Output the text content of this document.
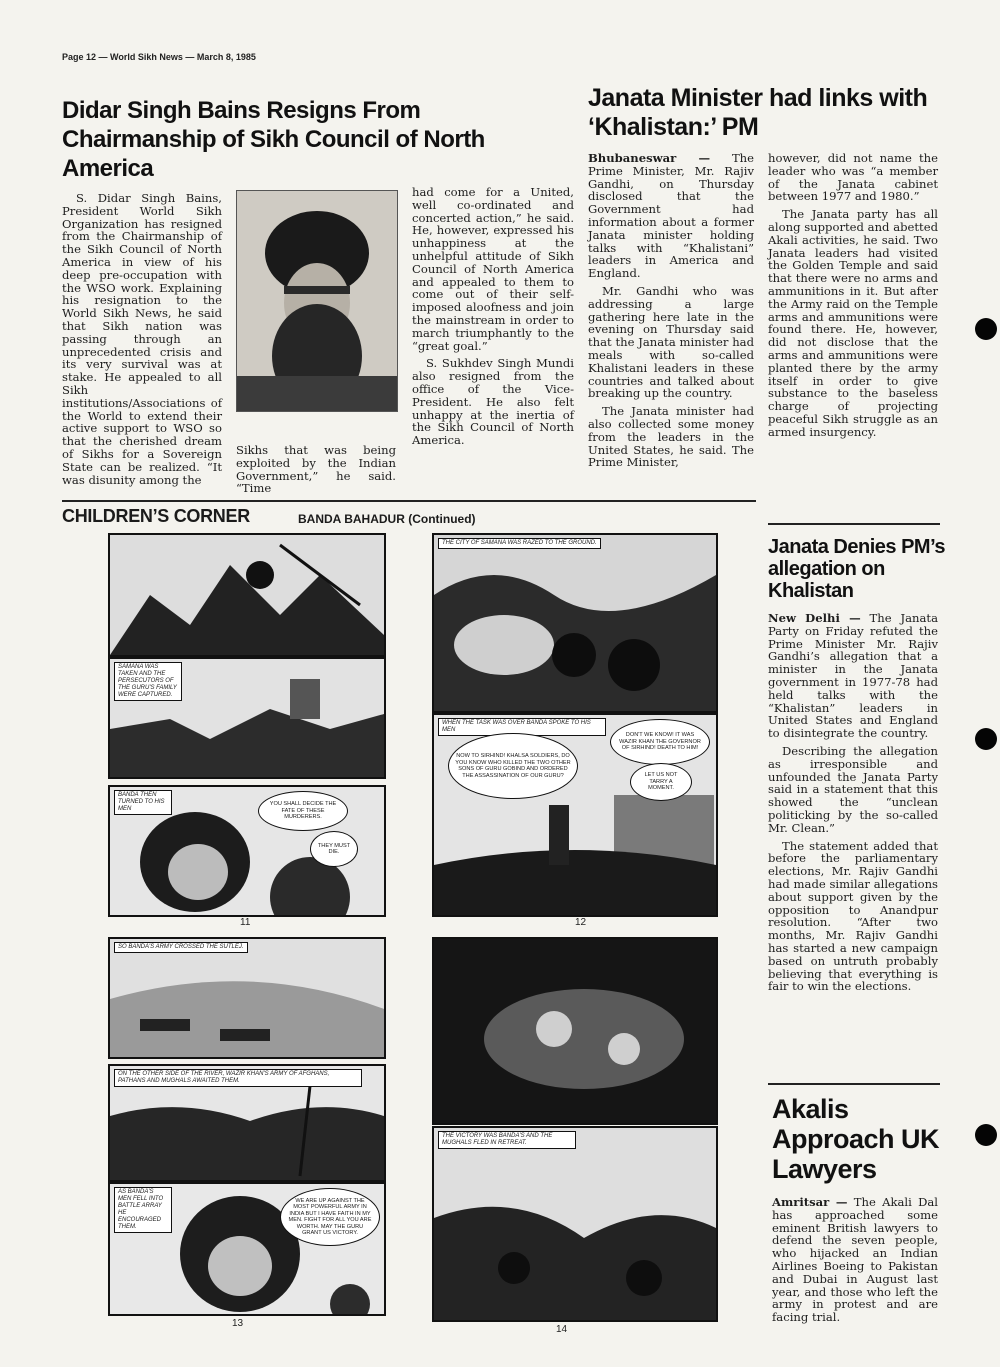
Page 12 — World Sikh News — March 8, 1985
Didar Singh Bains Resigns From Chairmanship of Sikh Council of North America

S. Didar Singh Bains, President World Sikh Organization has resigned from the Chairmanship of the Sikh Council of North America in view of his deep pre-occupation with the WSO work. Explaining his resignation to the World Sikh News, he said that Sikh nation was passing through an unprecedented crisis and its very survival was at stake. He appealed to all Sikh institutions/Associations of the World to extend their active support to WSO so that the cherished dream of Sikhs for a Sovereign State can be realized. “It was disunity among the

Sikhs that was being exploited by the Indian Government,” he said. “Time

had come for a United, well co-ordinated and concerted action,” he said. He, however, expressed his unhappiness at the unhelpful attitude of Sikh Council of North America and appealed to them to come out of their self-imposed aloofness and join the mainstream in order to march triumphantly to the “great goal.”

S. Sukhdev Singh Mundi also resigned from the office of the Vice-President. He also felt unhappy at the inertia of the Sikh Council of North America.

Janata Minister had links with ‘Khalistan:’ PM

Bhubaneswar — The Prime Minister, Mr. Rajiv Gandhi, on Thursday disclosed that the Government had information about a former Janata minister holding talks with “Khalistani” leaders in America and England.

Mr. Gandhi who was addressing a large gathering here late in the evening on Thursday said that the Janata minister had meals with so-called Khalistani leaders in these countries and talked about breaking up the country.

The Janata minister had also collected some money from the leaders in the United States, he said. The Prime Minister,

however, did not name the leader who was “a member of the Janata cabinet between 1977 and 1980.”

The Janata party has all along supported and abetted Akali activities, he said. Two Janata leaders had visited the Golden Temple and said that there were no arms and ammunitions in it. But after the Army raid on the Temple arms and ammunitions were found there. He, however, did not disclose that the arms and ammunitions were planted there by the army itself in order to give substance to the baseless charge of projecting peaceful Sikh struggle as an armed insurgency.

Janata Denies PM’s allegation on Khalistan

New Delhi — The Janata Party on Friday refuted the Prime Minister Mr. Rajiv Gandhi’s allegation that a minister in the Janata government in 1977-78 had held talks with the “Khalistan” leaders in United States and England to disintegrate the country.

Describing the allegation as irresponsible and unfounded the Janata Party said in a statement that this showed the “unclean politicking by the so-called Mr. Clean.”

The statement added that before the parliamentary elections, Mr. Rajiv Gandhi had made similar allegations about support given by the opposition to Anandpur resolution. “After two months, Mr. Rajiv Gandhi has started a new campaign based on untruth probably believing that everything is fair to win the elections.

Akalis Approach UK Lawyers

Amritsar — The Akali Dal has approached some eminent British lawyers to defend the seven people, who hijacked an Indian Airlines Boeing to Pakistan and Dubai in August last year, and those who left the army in protest and are facing trial.

CHILDREN’S CORNER	BANDA BAHADUR (Continued)
SAMANA WAS TAKEN AND THE PERSECUTORS OF THE GURU'S FAMILY WERE CAPTURED.
BANDA THEN TURNED TO HIS MEN
YOU SHALL DECIDE THE FATE OF THESE MURDERERS.
THEY MUST DIE.
11
THE CITY OF SAMANA WAS RAZED TO THE GROUND.
WHEN THE TASK WAS OVER BANDA SPOKE TO HIS MEN
NOW TO SIRHIND! KHALSA SOLDIERS, DO YOU KNOW WHO KILLED THE TWO OTHER SONS OF GURU GOBIND AND ORDERED THE ASSASSINATION OF OUR GURU?
DON'T WE KNOW! IT WAS WAZIR KHAN THE GOVERNOR OF SIRHIND! DEATH TO HIM!
LET US NOT TARRY A MOMENT.
12
SO BANDA'S ARMY CROSSED THE SUTLEJ.
ON THE OTHER SIDE OF THE RIVER, WAZIR KHAN'S ARMY OF AFGHANS, PATHANS AND MUGHALS AWAITED THEM.
AS BANDA'S MEN FELL INTO BATTLE ARRAY HE ENCOURAGED THEM.
WE ARE UP AGAINST THE MOST POWERFUL ARMY IN INDIA BUT I HAVE FAITH IN MY MEN. FIGHT FOR ALL YOU ARE WORTH. MAY THE GURU GRANT US VICTORY.
13
THE VICTORY WAS BANDA'S AND THE MUGHALS FLED IN RETREAT.
14
